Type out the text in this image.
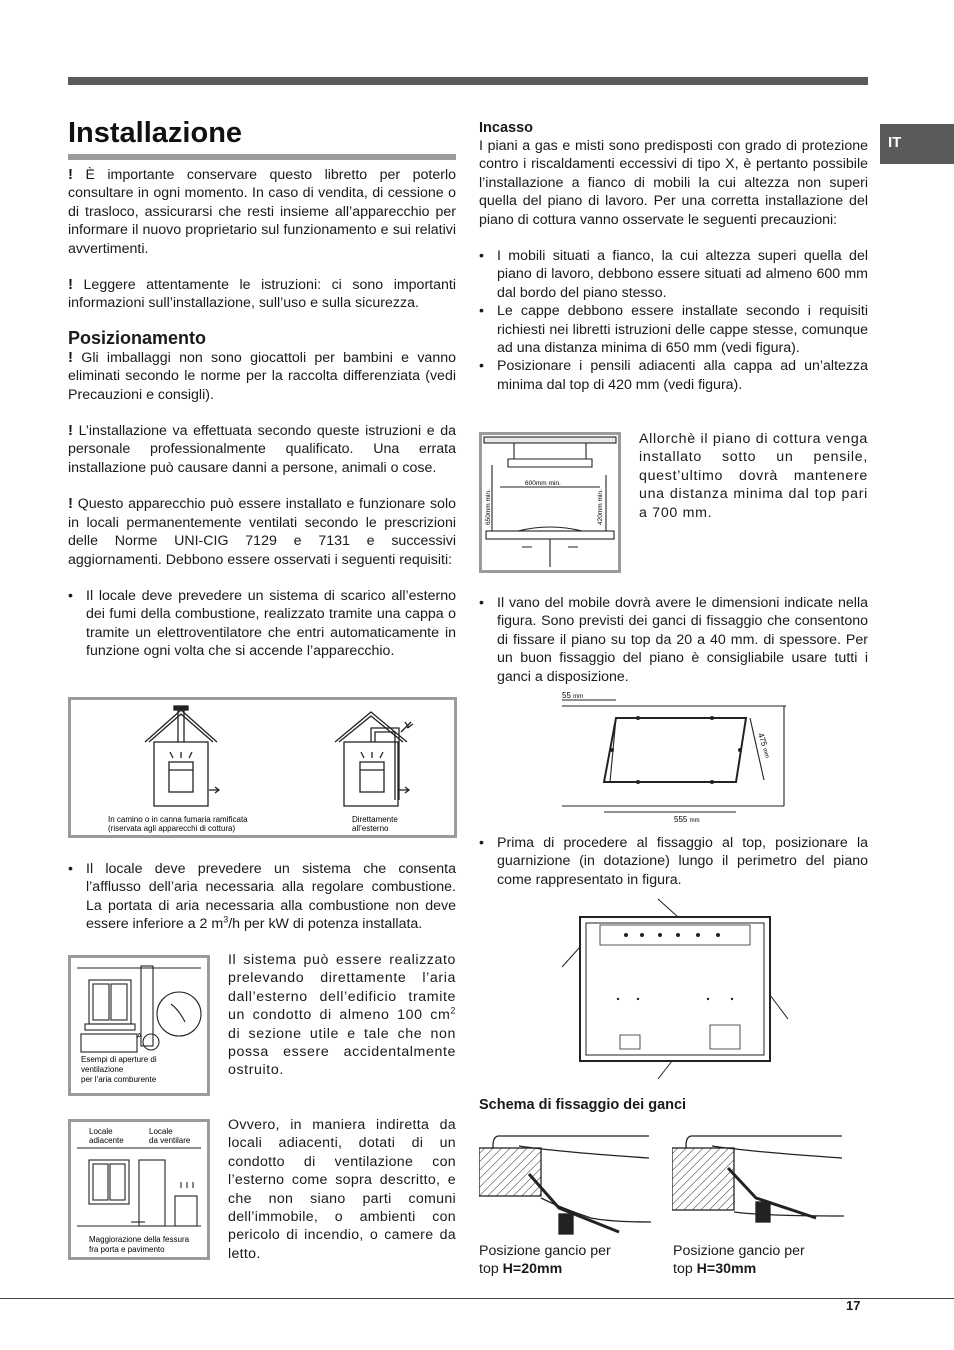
IT
Installazione

! È importante conservare questo libretto per poterlo consultare in ogni momento. In caso di vendita, di cessione o di trasloco, assicurarsi che resti insieme all’apparecchio per informare il nuovo proprietario sul funzionamento e sui relativi avvertimenti.

! Leggere attentamente le istruzioni: ci sono importanti informazioni sull’installazione, sull’uso e sulla sicurezza.

Posizionamento

! Gli imballaggi non sono giocattoli per bambini e vanno eliminati secondo le norme per la raccolta differenziata (vedi Precauzioni e consigli).

! L’installazione va effettuata secondo queste istruzioni e da personale professionalmente qualificato. Una errata installazione può causare danni a persone, animali o cose.

! Questo apparecchio può essere installato e funzionare solo in locali permanentemente ventilati secondo le prescrizioni delle Norme UNI-CIG 7129 e 7131 e successivi aggiornamenti. Debbono essere osservati i seguenti requisiti:

• Il locale deve prevedere un sistema di scarico all’esterno dei fumi della combustione, realizzato tramite una cappa o tramite un elettroventilatore che entri automaticamente in funzione ogni volta che si accende l’apparecchio.
In camino o in canna fumaria ramificata
(riservata agli apparecchi di cottura)
Direttamente
all’esterno
• Il locale deve prevedere un sistema che consenta l’afflusso dell’aria necessaria alla regolare combustione. La portata di aria necessaria alla combustione non deve essere inferiore a 2 $m^3/h$ per kW di potenza installata.
A
Esempi di aperture di
ventilazione
per l’aria comburente
Il sistema può essere realizzato prelevando direttamente l’aria dall’esterno dell’edificio tramite un condotto di almeno 100 $cm^2$ di sezione utile e tale che non possa essere accidentalmente ostruito.
Locale
adiacente
Locale
da ventilare
Maggiorazione della fessura
fra porta e pavimento
Ovvero, in maniera indiretta da locali adiacenti, dotati di un condotto di ventilazione con l’esterno come sopra descritto, e che non siano parti comuni dell’immobile, o ambienti con pericolo di incendio, o camere da letto.

Incasso

I piani a gas e misti sono predisposti con grado di protezione contro i riscaldamenti eccessivi di tipo X, è pertanto possibile l’installazione a fianco di mobili la cui altezza non superi quella del piano di lavoro. Per una corretta installazione del piano di cottura vanno osservate le seguenti precauzioni:

• I mobili situati a fianco, la cui altezza superi quella del piano di lavoro, debbono essere situati ad almeno 600 mm dal bordo del piano stesso.
• Le cappe debbono essere installate secondo i requisiti richiesti nei libretti istruzioni delle cappe stesse, comunque ad una distanza minima di 650 mm (vedi figura).
• Posizionare i pensili adiacenti alla cappa ad un’altezza minima dal top di 420 mm (vedi figura).
600mm min.
650mm min.	420mm min.
Allorchè il piano di cottura venga installato sotto un pensile, quest’ultimo dovrà mantenere una distanza minima dal top pari a 700 mm.
• Il vano del mobile dovrà avere le dimensioni indicate nella figura. Sono previsti dei ganci di fissaggio che consentono di fissare il piano su top da 20 a 40 mm. di spessore. Per un buon fissaggio del piano è consigliabile usare tutti i ganci a disposizione.
55 mm
475 mm
555 mm
• Prima di procedere al fissaggio al top, posizionare la guarnizione (in dotazione) lungo il perimetro del piano come rappresentato in figura.
Schema di fissaggio dei ganci

Posizione gancio per

top H=20mm

Posizione gancio per

top H=30mm

17
